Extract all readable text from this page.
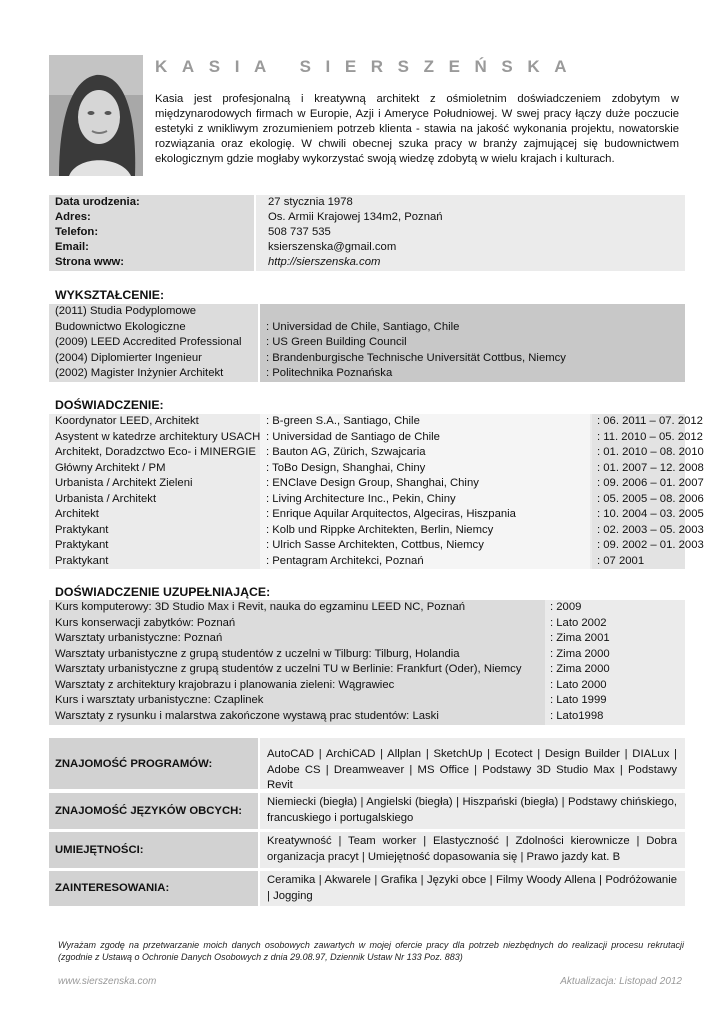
KASIA SIERSZEŃSKA
Kasia jest profesjonalną i kreatywną architekt z ośmioletnim doświadczeniem zdobytym w międzynarodowych firmach w Europie, Azji i Ameryce Południowej. W swej pracy łączy duże poczucie estetyki z wnikliwym zrozumieniem potrzeb klienta - stawia na jakość wykonania projektu, nowatorskie rozwiązania oraz ekologię. W chwili obecnej szuka pracy w branży zajmującej się budownictwem ekologicznym gdzie mogłaby wykorzystać swoją wiedzę zdobytą w wielu krajach i kulturach.
Data urodzenia:	27 stycznia 1978
Adres:	Os. Armii Krajowej 134m2, Poznań
Telefon:	508 737 535
Email:	ksierszenska@gmail.com
Strona www:	http://sierszenska.com
WYKSZTAŁCENIE:
(2011) Studia Podyplomowe
Budownictwo Ekologiczne	: Universidad de Chile, Santiago, Chile
(2009) LEED Accredited Professional : US Green Building Council
(2004) Diplomierter Ingenieur	: Brandenburgische Technische Universität Cottbus, Niemcy
(2002) Magister Inżynier Architekt	: Politechnika Poznańska
DOŚWIADCZENIE:
Koordynator LEED, Architekt	: B-green S.A., Santiago, Chile	: 06. 2011 – 07. 2012
Asystent w katedrze architektury USACH : Universidad de Santiago de Chile	: 11. 2010 – 05. 2012
Architekt, Doradzctwo Eco- i MINERGIE : Bauton AG, Zürich, Szwajcaria	: 01. 2010 – 08. 2010
Główny Architekt / PM	: ToBo Design, Shanghai, Chiny	: 01. 2007 – 12. 2008
Urbanista / Architekt Zieleni	: ENClave Design Group, Shanghai, Chiny	: 09. 2006 – 01. 2007
Urbanista / Architekt	: Living Architecture Inc., Pekin, Chiny	: 05. 2005 – 08. 2006
Architekt	: Enrique Aquilar Arquitectos, Algeciras, Hiszpania	: 10. 2004 – 03. 2005
Praktykant	: Kolb und Rippke Architekten, Berlin, Niemcy	: 02. 2003 – 05. 2003
Praktykant	: Ulrich Sasse Architekten, Cottbus, Niemcy	: 09. 2002 – 01. 2003
Praktykant	: Pentagram Architekci, Poznań	: 07 2001
DOŚWIADCZENIE UZUPEŁNIAJĄCE:
Kurs komputerowy: 3D Studio Max i Revit, nauka do egzaminu LEED NC, Poznań	: 2009
Kurs konserwacji zabytków: Poznań	: Lato 2002
Warsztaty urbanistyczne: Poznań	: Zima 2001
Warsztaty urbanistyczne z grupą studentów z uczelni w Tilburg: Tilburg, Holandia	: Zima 2000
Warsztaty urbanistyczne z grupą studentów z uczelni TU w Berlinie: Frankfurt (Oder), Niemcy	: Zima 2000
Warsztaty z architektury krajobrazu i planowania zieleni: Wągrawiec	: Lato 2000
Kurs i warsztaty urbanistyczne: Czaplinek	: Lato 1999
Warsztaty z rysunku i malarstwa zakończone wystawą prac studentów: Laski	: Lato1998
ZNAJOMOŚĆ PROGRAMÓW:
AutoCAD | ArchiCAD | Allplan | SketchUp | Ecotect | Design Builder | DIALux | Adobe CS | Dreamweaver | MS Office | Podstawy 3D Studio Max | Podstawy Revit
ZNAJOMOŚĆ JĘZYKÓW OBCYCH:
Niemiecki (biegła) | Angielski (biegła) | Hiszpański (biegła) | Podstawy chińskiego, francuskiego i portugalskiego
UMIEJĘTNOŚCI:
Kreatywność | Team worker | Elastyczność | Zdolności kierownicze | Dobra organizacja pracyt | Umiejętność dopasowania się | Prawo jazdy kat. B
ZAINTERESOWANIA:
Ceramika | Akwarele | Grafika | Języki obce | Filmy Woody Allena | Podróżowanie | Jogging
Wyrażam zgodę na przetwarzanie moich danych osobowych zawartych w mojej ofercie pracy dla potrzeb niezbędnych do realizacji procesu rekrutacji (zgodnie z Ustawą o Ochronie Danych Osobowych z dnia 29.08.97, Dziennik Ustaw Nr 133 Poz. 883)
www.sierszenska.com	Aktualizacja: Listopad 2012
